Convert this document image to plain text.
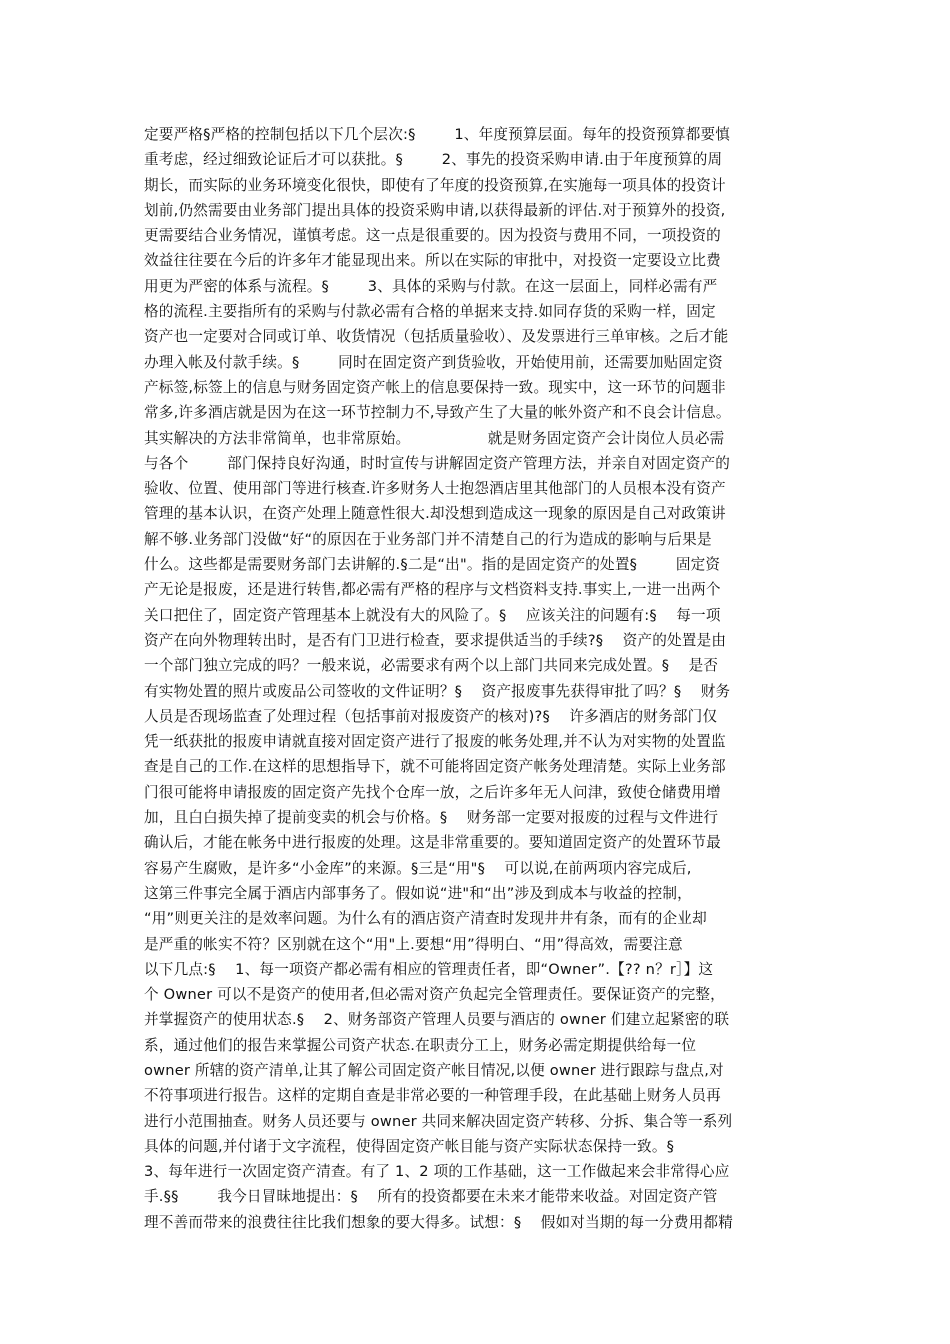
定要严格§严格的控制包括以下几个层次:§        1、年度预算层面。每年的投资预算都要慎
重考虑，经过细致论证后才可以获批。§        2、事先的投资采购申请.由于年度预算的周
期长，而实际的业务环境变化很快，即使有了年度的投资预算,在实施每一项具体的投资计
划前,仍然需要由业务部门提出具体的投资采购申请,以获得最新的评估.对于预算外的投资,
更需要结合业务情况，谨慎考虑。这一点是很重要的。因为投资与费用不同，一项投资的
效益往往要在今后的许多年才能显现出来。所以在实际的审批中，对投资一定要设立比费
用更为严密的体系与流程。§        3、具体的采购与付款。在这一层面上，同样必需有严
格的流程.主要指所有的采购与付款必需有合格的单据来支持.如同存货的采购一样，固定
资产也一定要对合同或订单、收货情况（包括质量验收）、及发票进行三单审核。之后才能
办理入帐及付款手续。§        同时在固定资产到货验收，开始使用前，还需要加贴固定资
产标签,标签上的信息与财务固定资产帐上的信息要保持一致。现实中，这一环节的问题非
常多,许多酒店就是因为在这一环节控制力不,导致产生了大量的帐外资产和不良会计信息。
其实解决的方法非常简单，也非常原始。                就是财务固定资产会计岗位人员必需
与各个        部门保持良好沟通，时时宣传与讲解固定资产管理方法，并亲自对固定资产的
验收、位置、使用部门等进行核查.许多财务人士抱怨酒店里其他部门的人员根本没有资产
管理的基本认识，在资产处理上随意性很大.却没想到造成这一现象的原因是自己对政策讲
解不够.业务部门没做“好“的原因在于业务部门并不清楚自己的行为造成的影响与后果是
什么。这些都是需要财务部门去讲解的.§二是“出"。指的是固定资产的处置§        固定资
产无论是报废，还是进行转售,都必需有严格的程序与文档资料支持.事实上,一进一出两个
关口把住了，固定资产管理基本上就没有大的风险了。§    应该关注的问题有:§    每一项
资产在向外物理转出时，是否有门卫进行检查，要求提供适当的手续?§    资产的处置是由
一个部门独立完成的吗？一般来说，必需要求有两个以上部门共同来完成处置。§    是否
有实物处置的照片或废品公司签收的文件证明？§    资产报废事先获得审批了吗？§    财务
人员是否现场监查了处理过程（包括事前对报废资产的核对)?§    许多酒店的财务部门仅
凭一纸获批的报废申请就直接对固定资产进行了报废的帐务处理,并不认为对实物的处置监
查是自己的工作.在这样的思想指导下，就不可能将固定资产帐务处理清楚。实际上业务部
门很可能将申请报废的固定资产先找个仓库一放，之后许多年无人问津，致使仓储费用增
加，且白白损失掉了提前变卖的机会与价格。§    财务部一定要对报废的过程与文件进行
确认后，才能在帐务中进行报废的处理。这是非常重要的。要知道固定资产的处置环节最
容易产生腐败，是许多“小金库”的来源。§三是“用"§    可以说,在前两项内容完成后,
这第三件事完全属于酒店内部事务了。假如说“进"和“出”涉及到成本与收益的控制，
“用”则更关注的是效率问题。为什么有的酒店资产清查时发现井井有条，而有的企业却
是严重的帐实不符？区别就在这个“用"上.要想“用”得明白、“用”得高效，需要注意
以下几点:§    1、每一项资产都必需有相应的管理责任者，即“Owner”.【?? n？r］】这
个 Owner 可以不是资产的使用者,但必需对资产负起完全管理责任。要保证资产的完整，
并掌握资产的使用状态.§    2、财务部资产管理人员要与酒店的 owner 们建立起紧密的联
系，通过他们的报告来掌握公司资产状态.在职责分工上，财务必需定期提供给每一位
owner 所辖的资产清单,让其了解公司固定资产帐目情况,以便 owner 进行跟踪与盘点,对
不符事项进行报告。这样的定期自查是非常必要的一种管理手段，在此基础上财务人员再
进行小范围抽查。财务人员还要与 owner 共同来解决固定资产转移、分拆、集合等一系列
具体的问题,并付诸于文字流程，使得固定资产帐目能与资产实际状态保持一致。§
3、每年进行一次固定资产清查。有了 1、2 项的工作基础，这一工作做起来会非常得心应
手.§§        我今日冒昧地提出：§    所有的投资都要在未来才能带来收益。对固定资产管
理不善而带来的浪费往往比我们想象的要大得多。试想：§    假如对当期的每一分费用都精
